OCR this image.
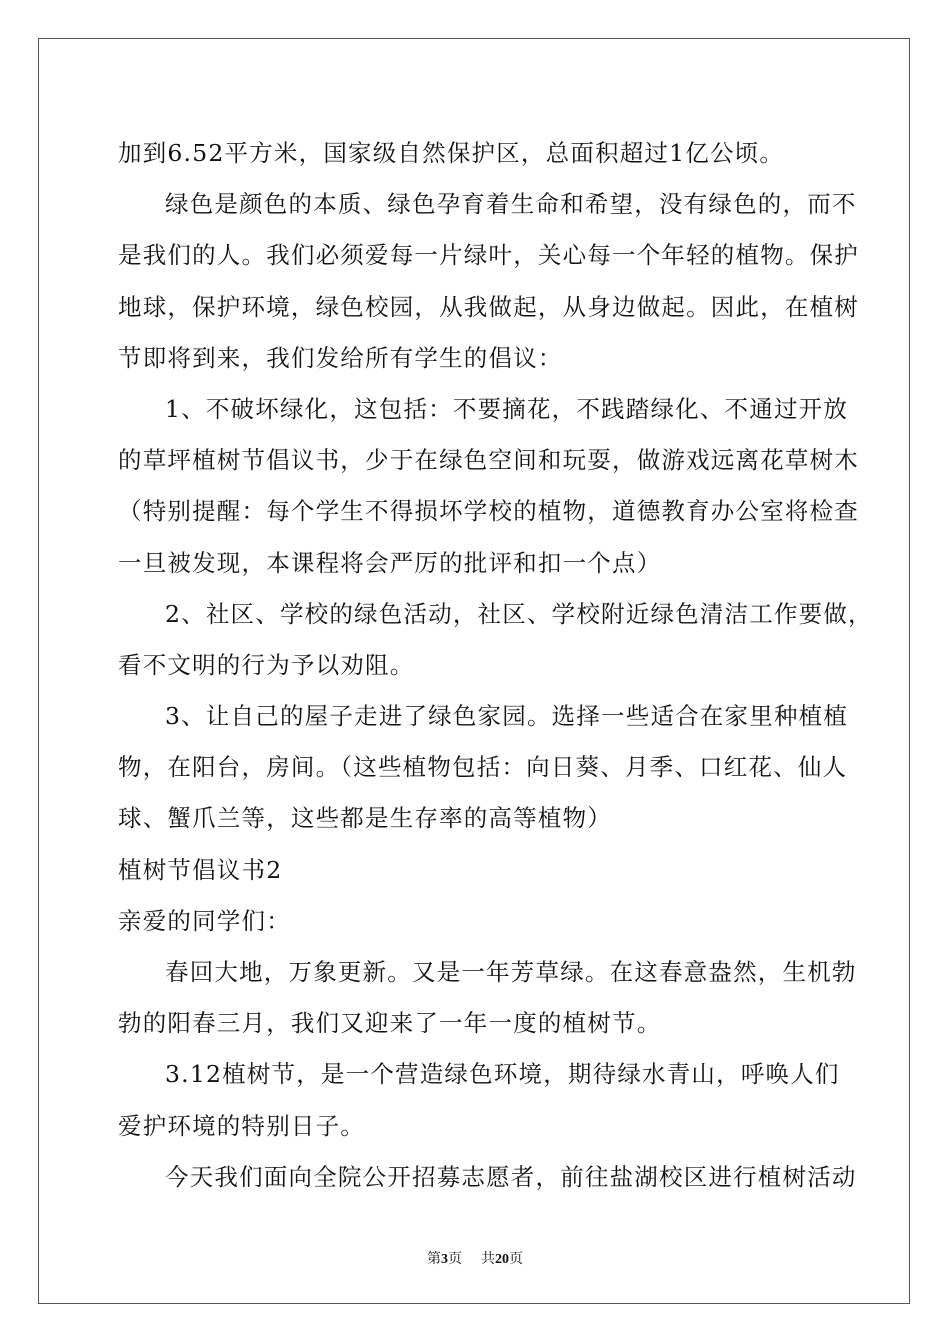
加到6.52平方米，国家级自然保护区，总面积超过1亿公顷。
绿色是颜色的本质、绿色孕育着生命和希望，没有绿色的，而不
是我们的人。我们必须爱每一片绿叶，关心每一个年轻的植物。保护
地球，保护环境，绿色校园，从我做起，从身边做起。因此，在植树
节即将到来，我们发给所有学生的倡议：
1、不破坏绿化，这包括：不要摘花，不践踏绿化、不通过开放
的草坪植树节倡议书，少于在绿色空间和玩耍，做游戏远离花草树木
（特别提醒：每个学生不得损坏学校的植物，道德教育办公室将检查
一旦被发现，本课程将会严厉的批评和扣一个点）
2、社区、学校的绿色活动，社区、学校附近绿色清洁工作要做，
看不文明的行为予以劝阻。
3、让自己的屋子走进了绿色家园。选择一些适合在家里种植植
物，在阳台，房间。（这些植物包括：向日葵、月季、口红花、仙人
球、蟹爪兰等，这些都是生存率的高等植物）
植树节倡议书2
亲爱的同学们：
春回大地，万象更新。又是一年芳草绿。在这春意盎然，生机勃
勃的阳春三月，我们又迎来了一年一度的植树节。
3.12植树节，是一个营造绿色环境，期待绿水青山，呼唤人们
爱护环境的特别日子。
今天我们面向全院公开招募志愿者，前往盐湖校区进行植树活动
第3页 共20页
